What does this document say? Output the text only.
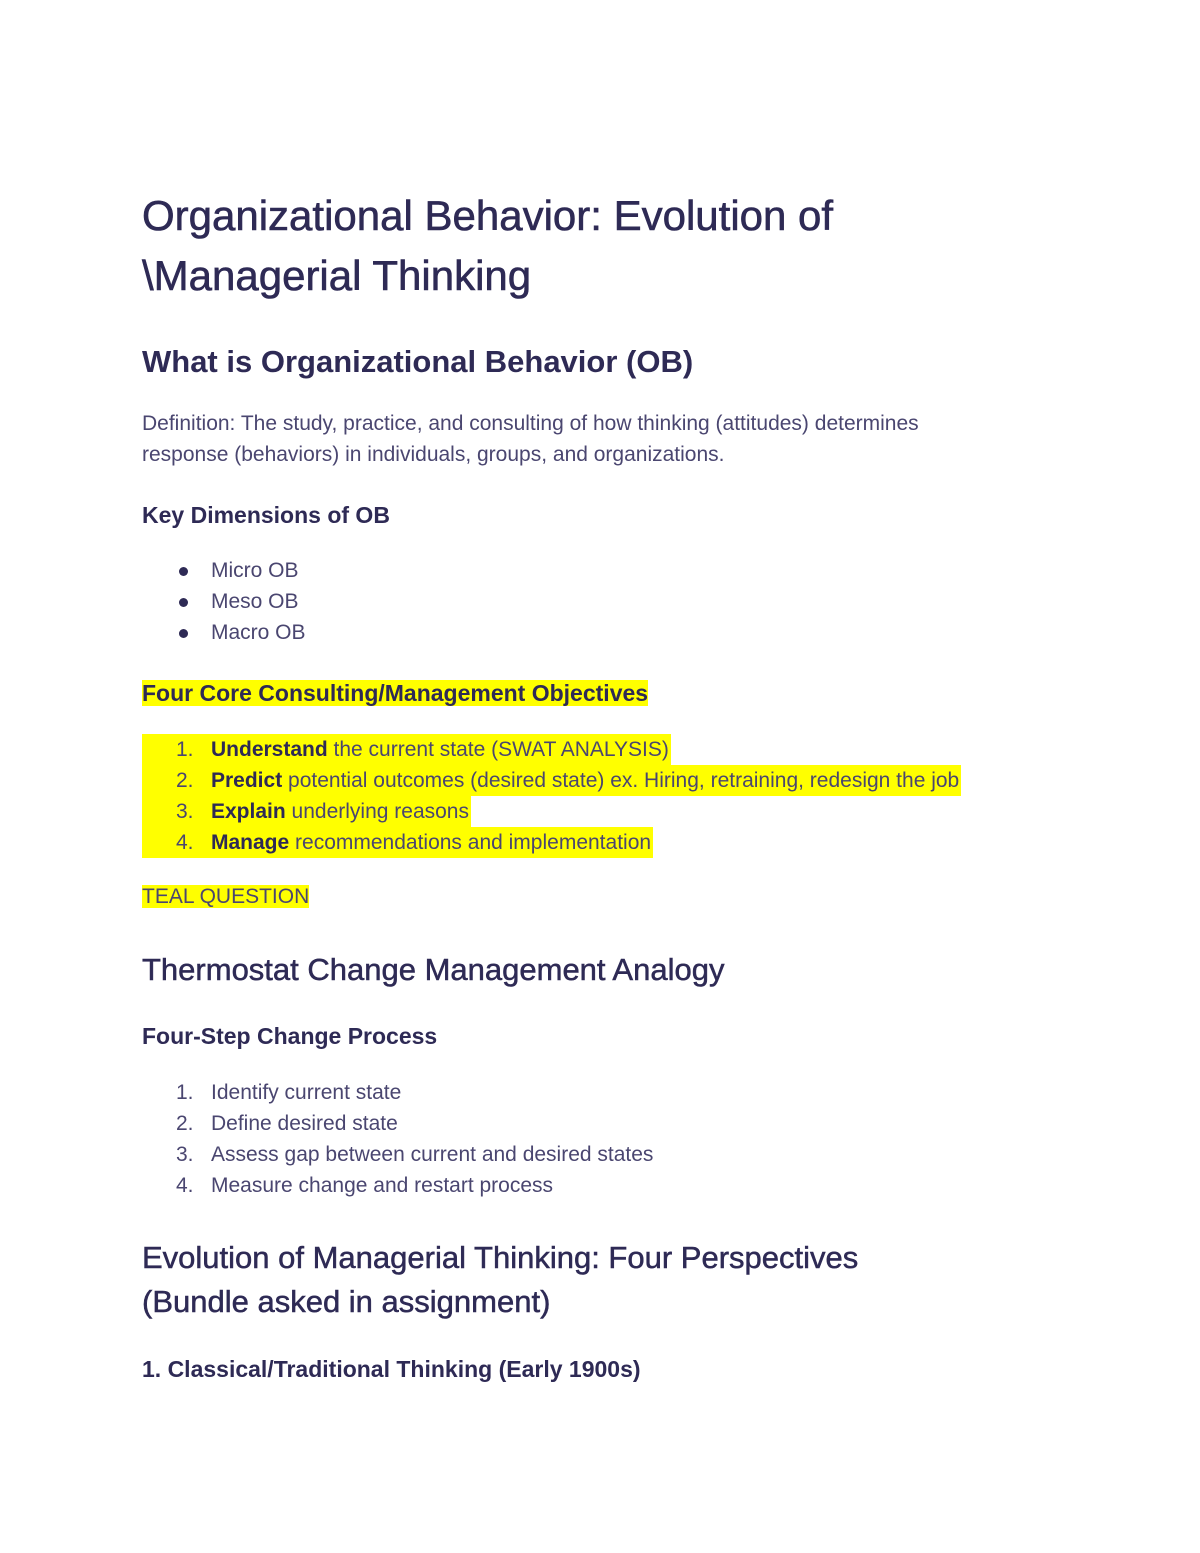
Organizational Behavior: Evolution of
\Managerial Thinking
What is Organizational Behavior (OB)

Definition: The study, practice, and consulting of how thinking (attitudes) determines
response (behaviors) in individuals, groups, and organizations.

Key Dimensions of OB
Micro OB
Meso OB
Macro OB
Four Core Consulting/Management Objectives
1. Understand the current state (SWAT ANALYSIS)
2. Predict potential outcomes (desired state) ex. Hiring, retraining, redesign the job
3. Explain underlying reasons
4. Manage recommendations and implementation

TEAL QUESTION

Thermostat Change Management Analogy
Four-Step Change Process
1. Identify current state
2. Define desired state
3. Assess gap between current and desired states
4. Measure change and restart process
Evolution of Managerial Thinking: Four Perspectives
(Bundle asked in assignment)
1. Classical/Traditional Thinking (Early 1900s)
